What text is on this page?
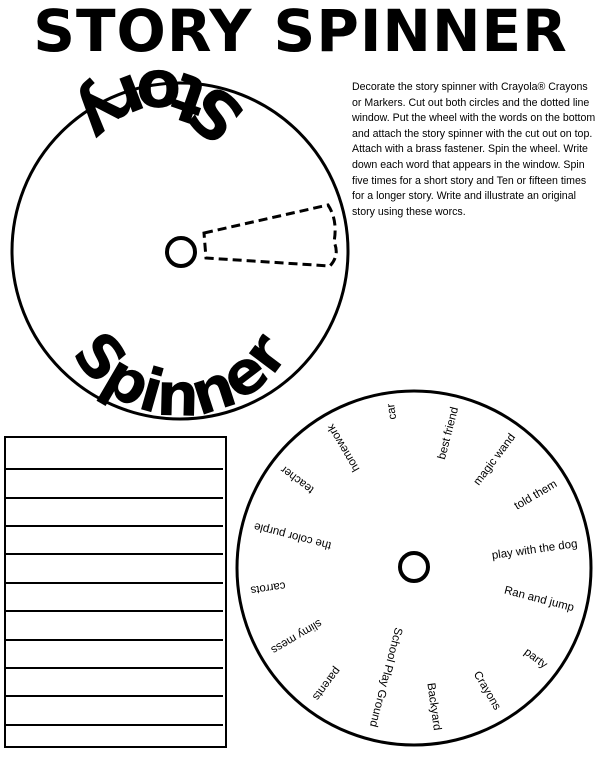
STORY SPINNER
Decorate the story spinner with Crayola® Crayons or Markers. Cut out both circles and the dotted line window. Put the wheel with the words on the bottom and attach the story spinner with the cut out on top. Attach with a brass fastener. Spin the wheel. Write down each word that appears in the window. Spin five times for a short story and Ten or fifteen times for a longer story. Write and illustrate an original story using these worcs.
Story
Spinner
car	best friend magic wand
told them
play with the dog
Ran and jump
party
Crayons
Backyard
School Play Ground
parents
slimy mess
carrots
the color purple
teacher
homework
